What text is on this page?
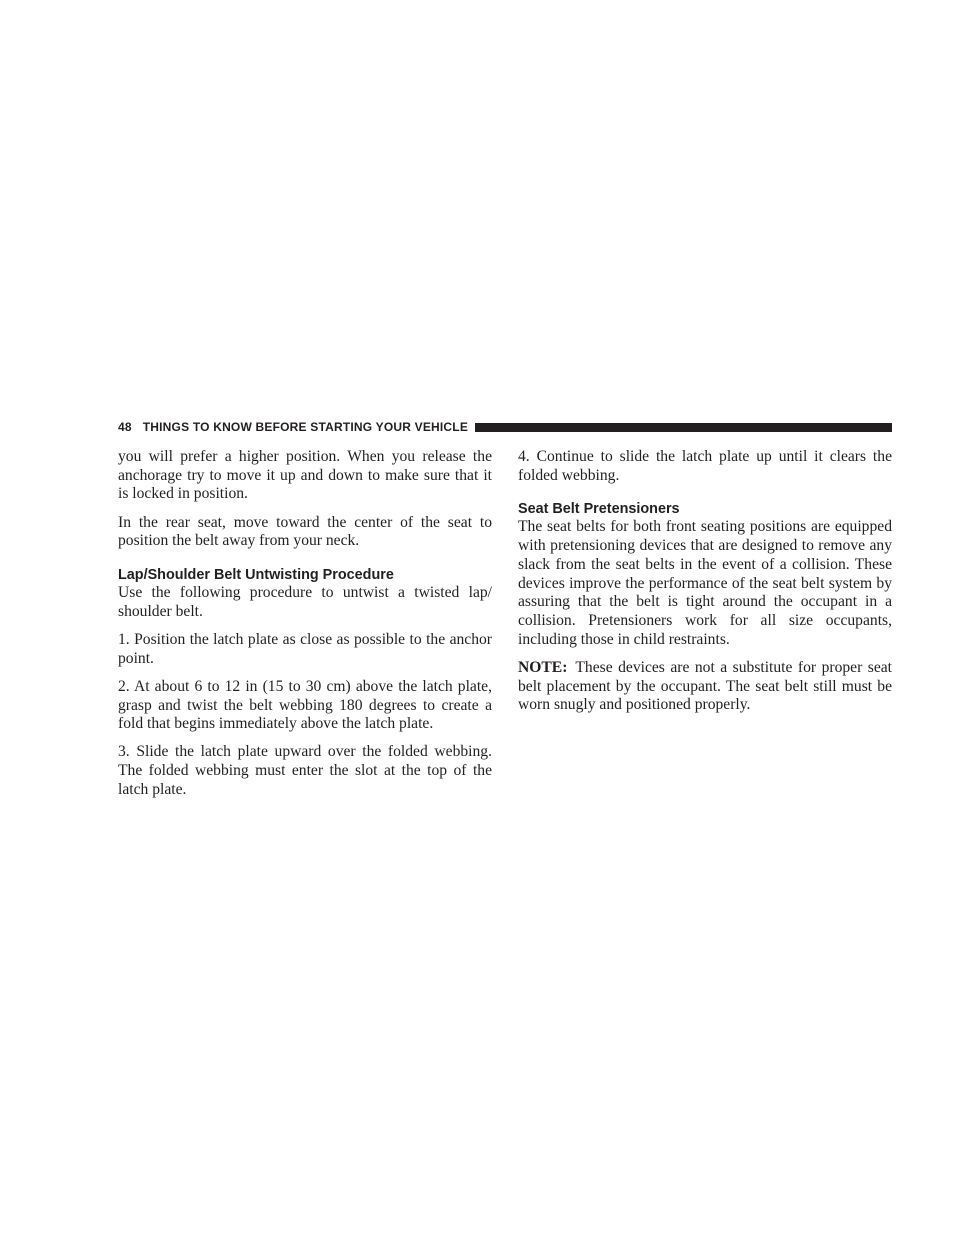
48 THINGS TO KNOW BEFORE STARTING YOUR VEHICLE

you will prefer a higher position. When you release the anchorage try to move it up and down to make sure that it is locked in position.

In the rear seat, move toward the center of the seat to position the belt away from your neck.

Lap/Shoulder Belt Untwisting Procedure

Use the following procedure to untwist a twisted lap/ shoulder belt.

1. Position the latch plate as close as possible to the anchor point.

2. At about 6 to 12 in (15 to 30 cm) above the latch plate, grasp and twist the belt webbing 180 degrees to create a fold that begins immediately above the latch plate.

3. Slide the latch plate upward over the folded webbing. The folded webbing must enter the slot at the top of the latch plate.

4. Continue to slide the latch plate up until it clears the folded webbing.

Seat Belt Pretensioners

The seat belts for both front seating positions are equipped with pretensioning devices that are designed to remove any slack from the seat belts in the event of a collision. These devices improve the performance of the seat belt system by assuring that the belt is tight around the occupant in a collision. Pretensioners work for all size occupants, including those in child restraints.

NOTE: These devices are not a substitute for proper seat belt placement by the occupant. The seat belt still must be worn snugly and positioned properly.
